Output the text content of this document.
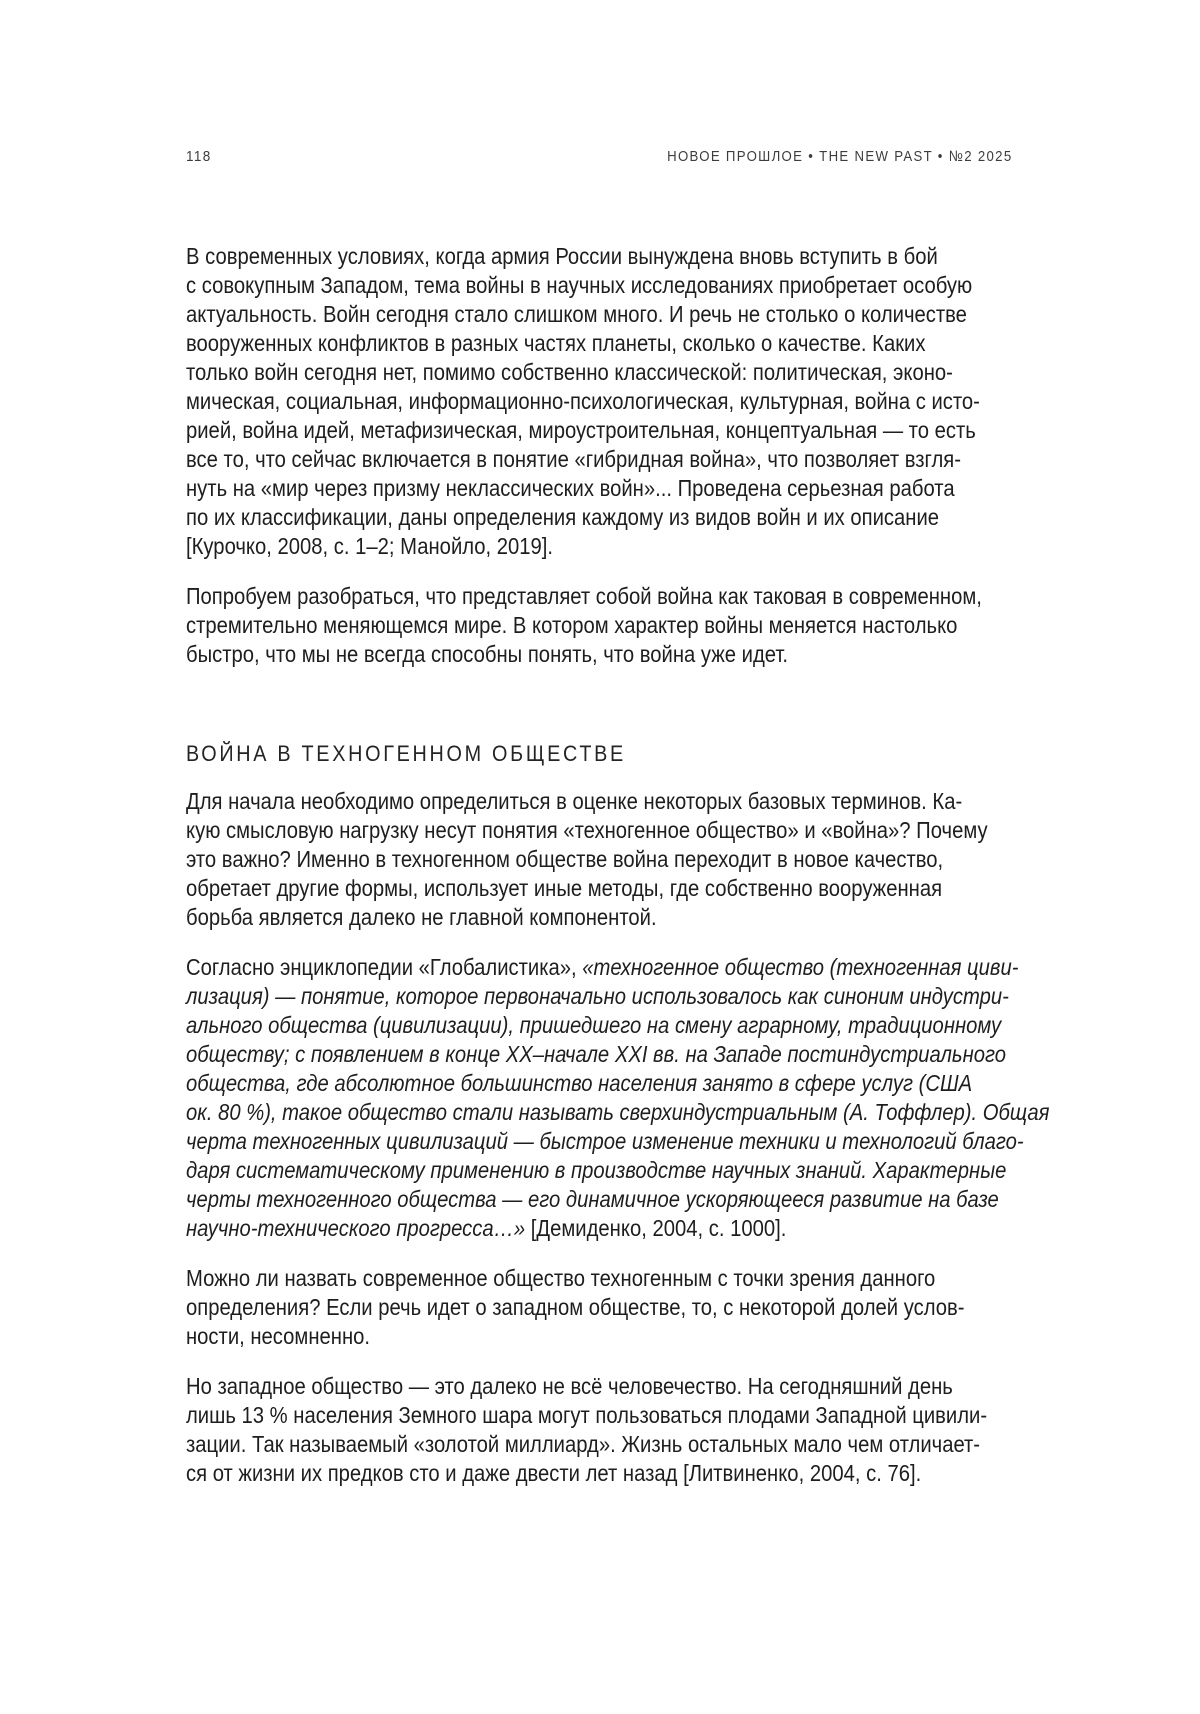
118	НОВОЕ ПРОШЛОЕ • THE NEW PAST • №2 2025
В современных условиях, когда армия России вынуждена вновь вступить в бой
с совокупным Западом, тема войны в научных исследованиях приобретает особую
актуальность. Войн сегодня стало слишком много. И речь не столько о количестве
вооруженных конфликтов в разных частях планеты, сколько о качестве. Каких
только войн сегодня нет, помимо собственно классической: политическая, эконо-
мическая, социальная, информационно-психологическая, культурная, война с исто-
рией, война идей, метафизическая, мироустроительная, концептуальная — то есть
все то, что сейчас включается в понятие «гибридная война», что позволяет взгля-
нуть на «мир через призму неклассических войн»... Проведена серьезная работа
по их классификации, даны определения каждому из видов войн и их описание
[Курочко, 2008, с. 1–2; Манойло, 2019].
Попробуем разобраться, что представляет собой война как таковая в современном,
стремительно меняющемся мире. В котором характер войны меняется настолько
быстро, что мы не всегда способны понять, что война уже идет.
ВОЙНА В ТЕХНОГЕННОМ ОБЩЕСТВЕ
Для начала необходимо определиться в оценке некоторых базовых терминов. Ка-
кую смысловую нагрузку несут понятия «техногенное общество» и «война»? Почему
это важно? Именно в техногенном обществе война переходит в новое качество,
обретает другие формы, использует иные методы, где собственно вооруженная
борьба является далеко не главной компонентой.
Согласно энциклопедии «Глобалистика», «техногенное общество (техногенная циви-
лизация) — понятие, которое первоначально использовалось как синоним индустри-
ального общества (цивилизации), пришедшего на смену аграрному, традиционному
обществу; с появлением в конце XX–начале XXI вв. на Западе постиндустриального
общества, где абсолютное большинство населения занято в сфере услуг (США
ок. 80 %), такое общество стали называть сверхиндустриальным (А. Тоффлер). Общая
черта техногенных цивилизаций — быстрое изменение техники и технологий благо-
даря систематическому применению в производстве научных знаний. Характерные
черты техногенного общества — его динамичное ускоряющееся развитие на базе
научно-технического прогресса…» [Демиденко, 2004, с. 1000].
Можно ли назвать современное общество техногенным с точки зрения данного
определения? Если речь идет о западном обществе, то, с некоторой долей услов-
ности, несомненно.
Но западное общество — это далеко не всё человечество. На сегодняшний день
лишь 13 % населения Земного шара могут пользоваться плодами Западной цивили-
зации. Так называемый «золотой миллиард». Жизнь остальных мало чем отличает-
ся от жизни их предков сто и даже двести лет назад [Литвиненко, 2004, с. 76].
